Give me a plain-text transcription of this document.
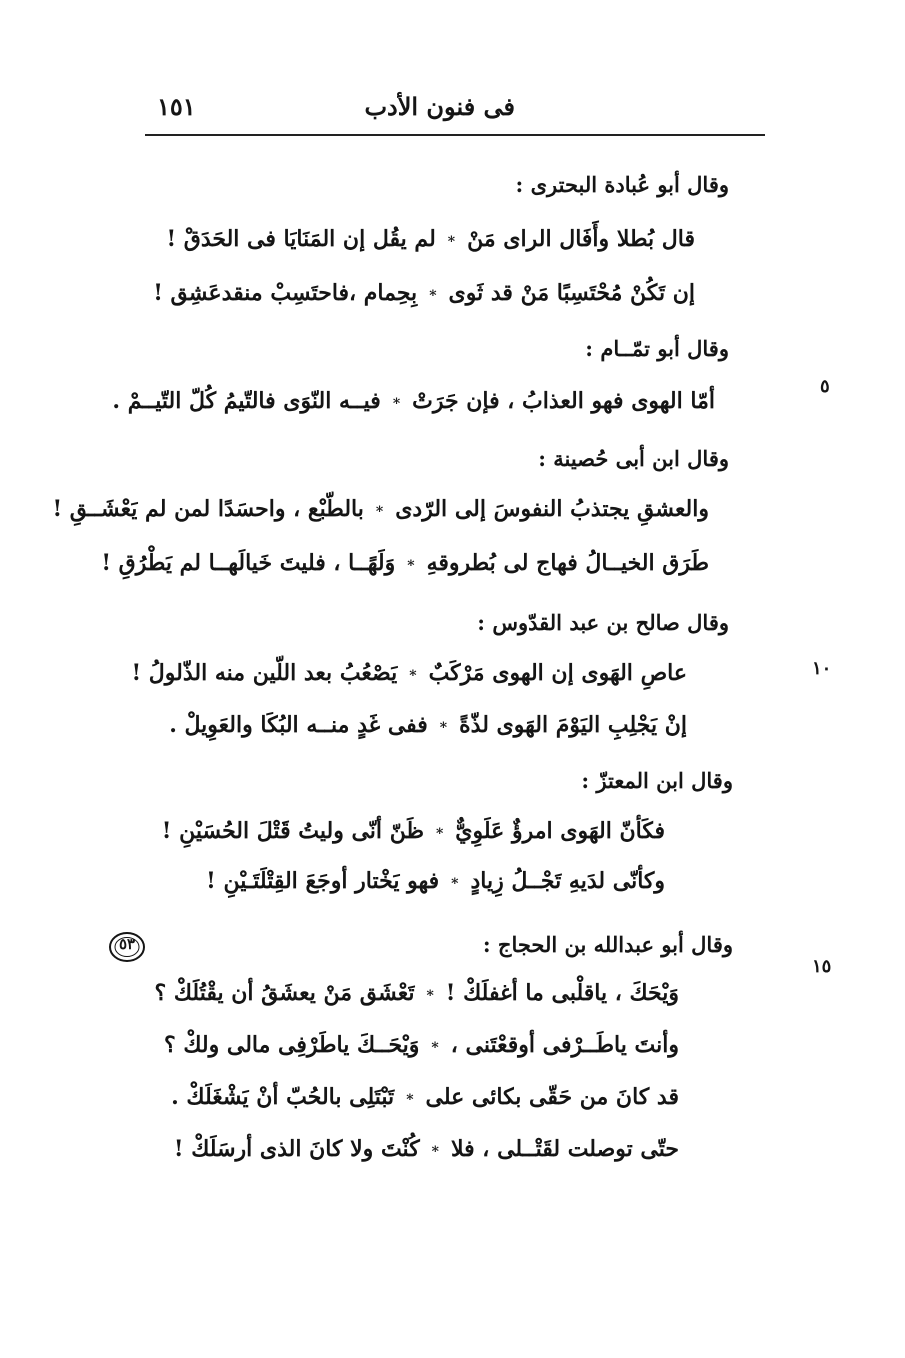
فى فنون الأدب
١٥١
وقال أبو عُبادة البحترى :
قال بُطلا وأَفَال الراى مَنْ
*
لم يقُل إن المَنَايَا فى الحَدَقْ !
إن تَكُنْ مُحْتَسِبًا مَنْ قد ثَوى
*
بِحِمام ،فاحتَسِبْ منقدعَشِق !
وقال أبو تمّــام :
أمّا الهوى فهو العذابُ ، فإن جَرَتْ
*
فيــه النّوَى فالتّيمُ كُلّ التّيــمْ .
وقال ابن أبى حُصينة :
والعشقِ يجتذبُ النفوسَ إلى الرّدى
*
بالطّبْع ، واحسَدًا لمن لم يَعْشَــقِ !
طَرَق الخيــالُ فهاج لى بُطروقهِ
*
وَلَهًــا ، فليتَ خَيالَهــا لم يَطْرُقِ !
وقال صالح بن عبد القدّوس :
عاصِ الهَوى إن الهوى مَرْكَبٌ
*
يَصْعُبُ بعد اللّين منه الذّلولُ !
إنْ يَجْلِبِ اليَوْمَ الهَوى لذّةً
*
ففى غَدٍ منــه البُكَا والعَوِيلْ .
وقال ابن المعتزّ :
فكَأنّ الهَوى امرؤٌ عَلَوِيٌّ
*
ظَنّ أنّى وليتُ قَتْلَ الحُسَيْنِ !
وكأنّى لدَيهِ تَجْــلُ زِيادٍ
*
فهو يَخْتار أوجَعَ القِتْلَتَـيْنِ !
وقال أبو عبدالله بن الحجاج :
وَيْحَكَ ، ياقلْبى ما أغفلَكْ !
*
تَعْشَق مَنْ يعشَقُ أن يقْتُلَكْ ؟
وأنتَ ياطَــرْفى أوقعْتَنى ،
*
وَيْحَــكَ ياطَرْفِى مالى ولكْ ؟
قد كانَ من حَقّى بكائى على
*
تَبْتَلِى بالحُبّ أنْ يَشْغَلَكْ .
حتّى توصلت لقَتْــلى ، فلا
*
كُنْتَ ولا كانَ الذى أرسَلَكْ !
٥
١٠
١٥
٥٣
